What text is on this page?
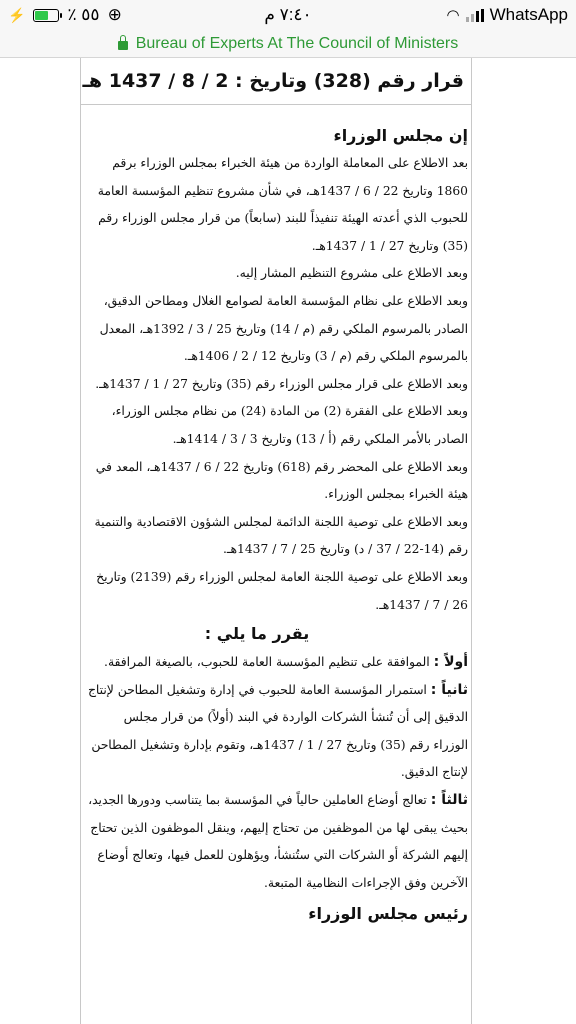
⚡ ٪ ٥٥ ⊕	٧:٤٠ م	◠ WhatsApp
Bureau of Experts At The Council of Ministers
قرار رقم (328) وتاريخ : 2 / 8 / 1437 هـ
إن مجلس الوزراء
بعد الاطلاع على المعاملة الواردة من هيئة الخبراء بمجلس الوزراء برقم 1860 وتاريخ 22 / 6 / 1437هـ، في شأن مشروع تنظيم المؤسسة العامة للحبوب الذي أعدته الهيئة تنفيذاً للبند (سابعاً) من قرار مجلس الوزراء رقم (35) وتاريخ 27 / 1 / 1437هـ.
وبعد الاطلاع على مشروع التنظيم المشار إليه.
وبعد الاطلاع على نظام المؤسسة العامة لصوامع الغلال ومطاحن الدقيق، الصادر بالمرسوم الملكي رقم (م / 14) وتاريخ 25 / 3 / 1392هـ، المعدل بالمرسوم الملكي رقم (م / 3) وتاريخ 12 / 2 / 1406هـ.
وبعد الاطلاع على قرار مجلس الوزراء رقم (35) وتاريخ 27 / 1 / 1437هـ.
وبعد الاطلاع على الفقرة (2) من المادة (24) من نظام مجلس الوزراء، الصادر بالأمر الملكي رقم (أ / 13) وتاريخ 3 / 3 / 1414هـ.
وبعد الاطلاع على المحضر رقم (618) وتاريخ 22 / 6 / 1437هـ، المعد في هيئة الخبراء بمجلس الوزراء.
وبعد الاطلاع على توصية اللجنة الدائمة لمجلس الشؤون الاقتصادية والتنمية رقم (14-22 / 37 / د) وتاريخ 25 / 7 / 1437هـ.
وبعد الاطلاع على توصية اللجنة العامة لمجلس الوزراء رقم (2139) وتاريخ 26 / 7 / 1437هـ.
يقرر ما يلي :
أولاً : الموافقة على تنظيم المؤسسة العامة للحبوب، بالصيغة المرافقة.
ثانياً : استمرار المؤسسة العامة للحبوب في إدارة وتشغيل المطاحن لإنتاج الدقيق إلى أن تُنشأ الشركات الواردة في البند (أولاً) من قرار مجلس الوزراء رقم (35) وتاريخ 27 / 1 / 1437هـ، وتقوم بإدارة وتشغيل المطاحن لإنتاج الدقيق.
ثالثاً : تعالج أوضاع العاملين حالياً في المؤسسة بما يتناسب ودورها الجديد، بحيث يبقى لها من الموظفين من تحتاج إليهم، وينقل الموظفون الذين تحتاج إليهم الشركة أو الشركات التي ستُنشأ، ويؤهلون للعمل فيها، وتعالج أوضاع الآخرين وفق الإجراءات النظامية المتبعة.
رئيس مجلس الوزراء
